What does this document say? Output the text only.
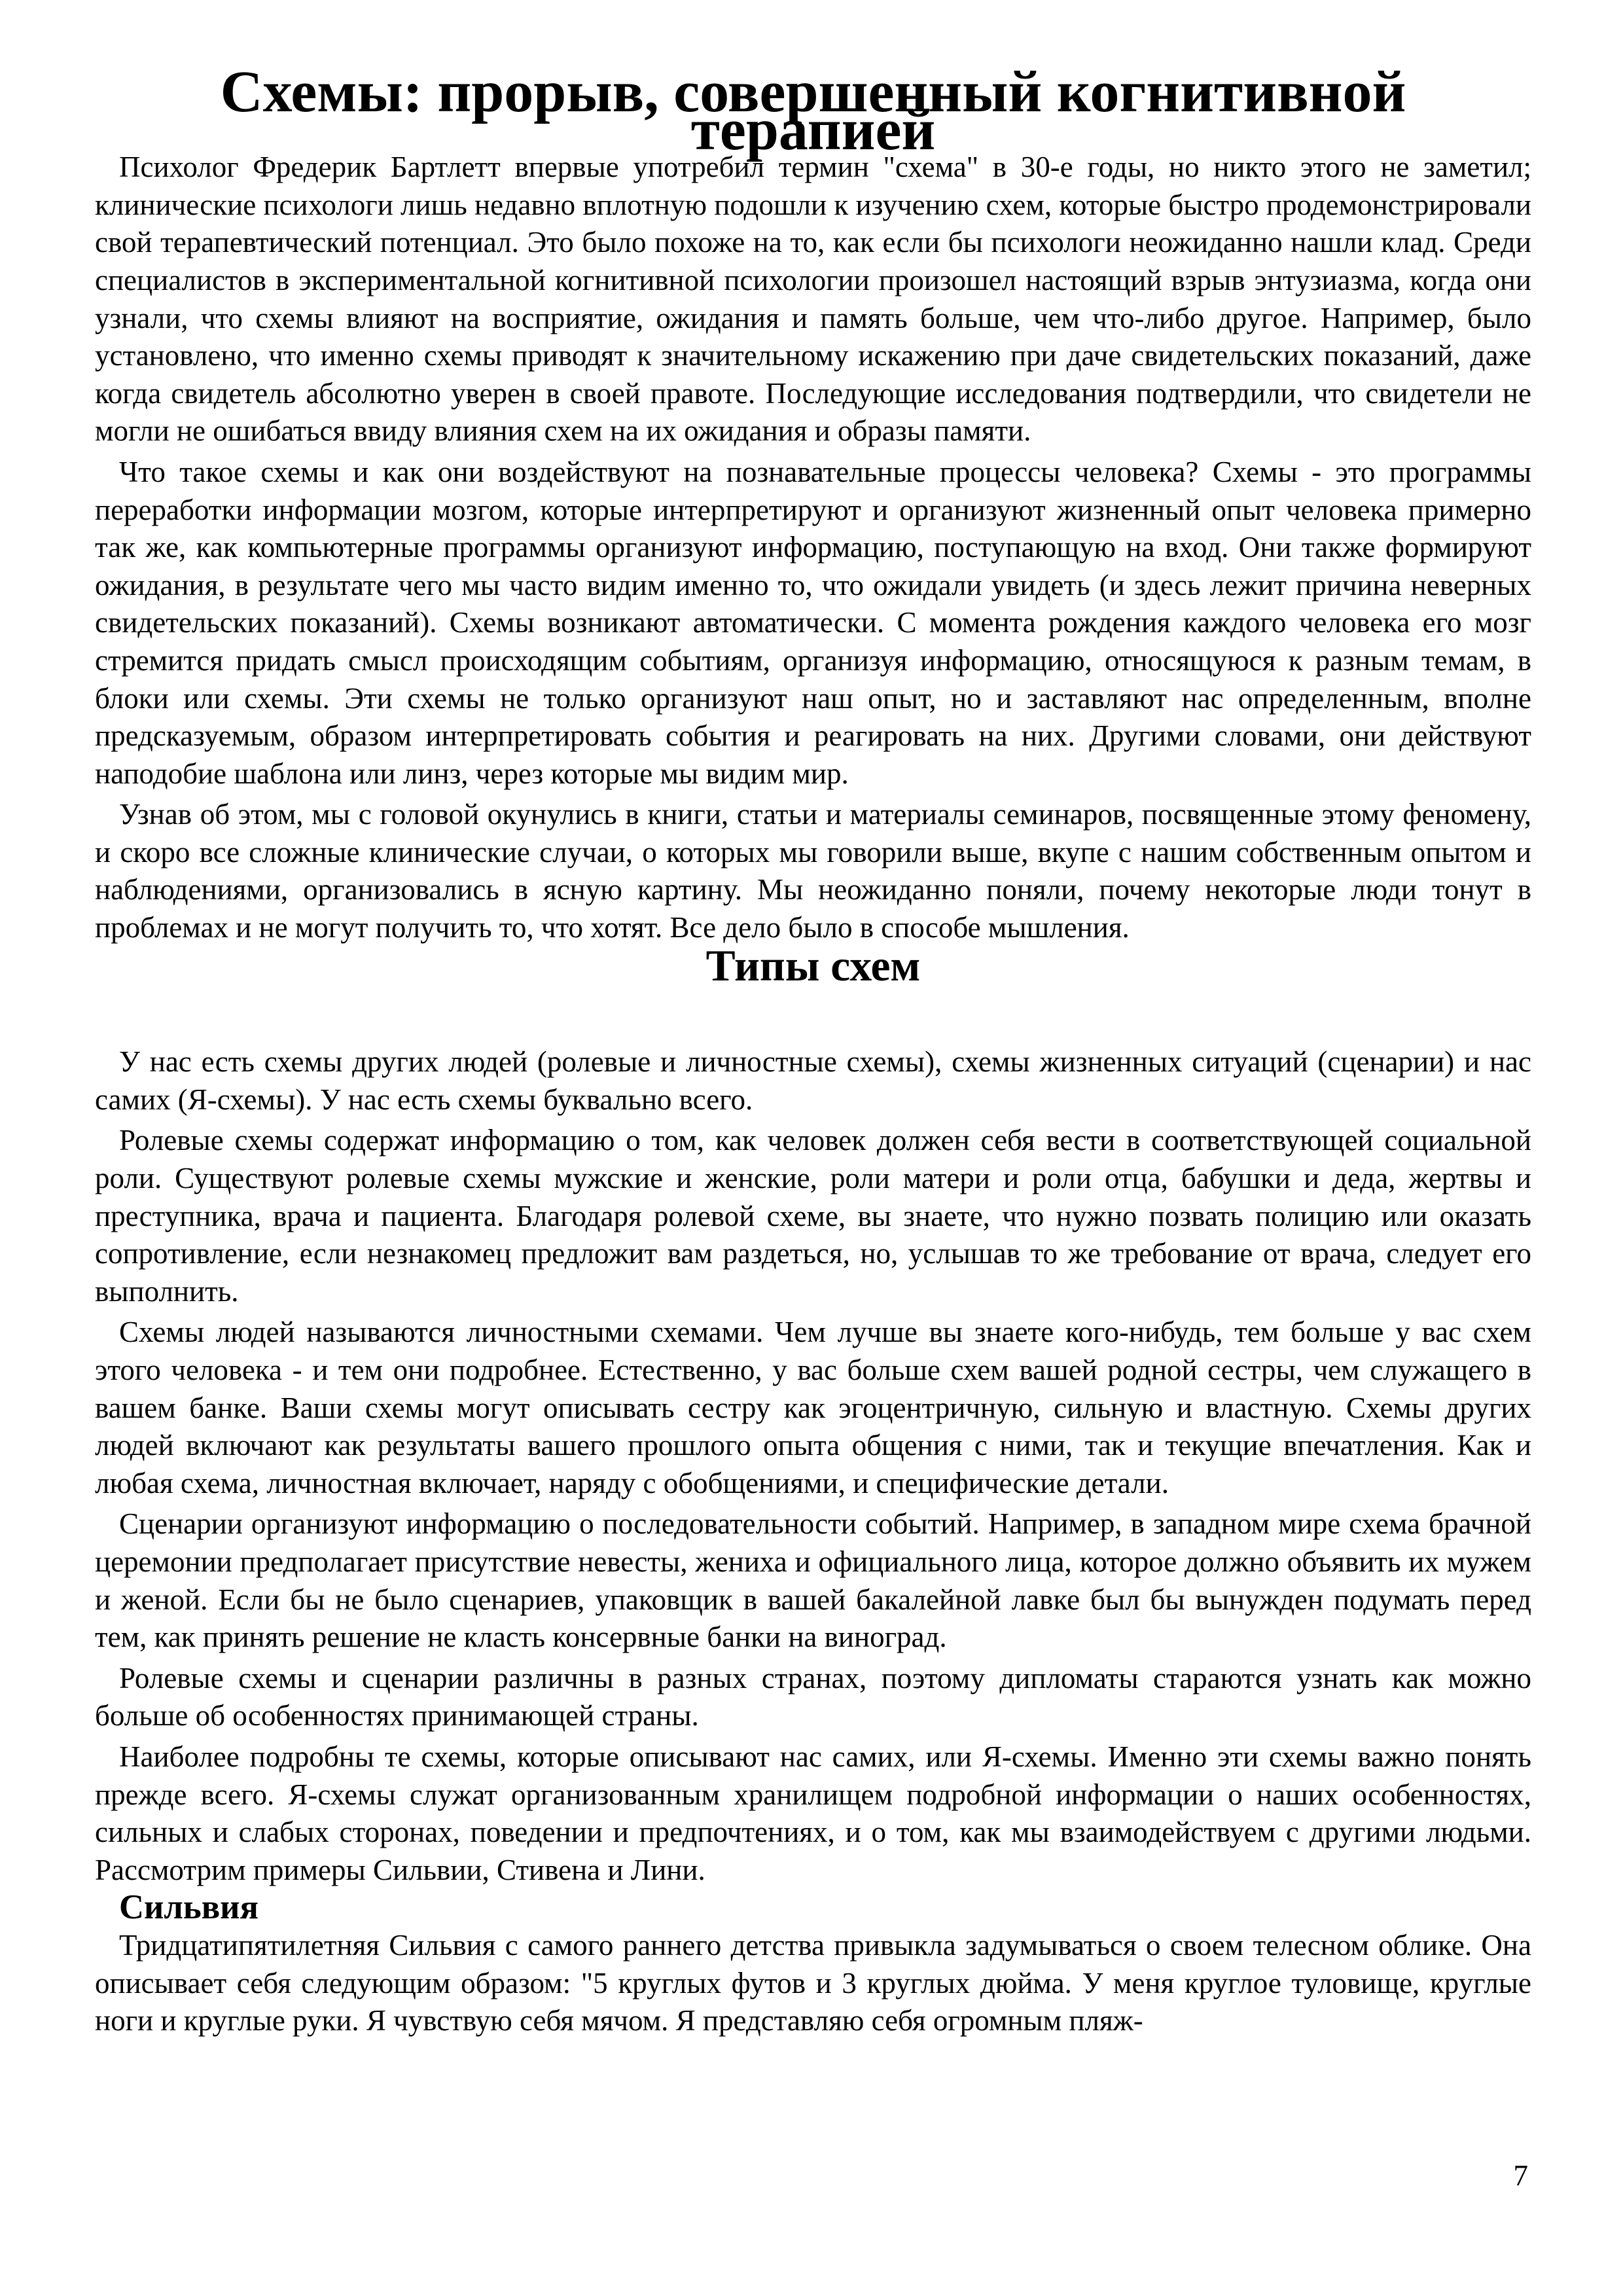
Схемы: прорыв, совершенный когнитивной терапией

Психолог Фредерик Бартлетт впервые употребил термин "схема" в 30-е годы, но никто этого не заметил; клинические психологи лишь недавно вплотную подошли к изучению схем, которые быстро продемонстрировали свой терапевтический потенциал. Это было похоже на то, как если бы психологи неожиданно нашли клад. Среди специалистов в экспериментальной когнитивной психологии произошел настоящий взрыв энтузиазма, когда они узнали, что схемы влияют на восприятие, ожидания и память больше, чем что-либо другое. Например, было установлено, что именно схемы приводят к значительному искажению при даче свидетельских показаний, даже когда свидетель абсолютно уверен в своей правоте. Последующие исследования подтвердили, что свидетели не могли не ошибаться ввиду влияния схем на их ожидания и образы памяти.

Что такое схемы и как они воздействуют на познавательные процессы человека? Схемы - это программы переработки информации мозгом, которые интерпретируют и организуют жизненный опыт человека примерно так же, как компьютерные программы организуют информацию, поступающую на вход. Они также формируют ожидания, в результате чего мы часто видим именно то, что ожидали увидеть (и здесь лежит причина неверных свидетельских показаний). Схемы возникают автоматически. С момента рождения каждого человека его мозг стремится придать смысл происходящим событиям, организуя информацию, относящуюся к разным темам, в блоки или схемы. Эти схемы не только организуют наш опыт, но и заставляют нас определенным, вполне предсказуемым, образом интерпретировать события и реагировать на них. Другими словами, они действуют наподобие шаблона или линз, через которые мы видим мир.

Узнав об этом, мы с головой окунулись в книги, статьи и материалы семинаров, посвященные этому феномену, и скоро все сложные клинические случаи, о которых мы говорили выше, вкупе с нашим собственным опытом и наблюдениями, организовались в ясную картину. Мы неожиданно поняли, почему некоторые люди тонут в проблемах и не могут получить то, что хотят. Все дело было в способе мышления.

Типы схем

У нас есть схемы других людей (ролевые и личностные схемы), схемы жизненных ситуаций (сценарии) и нас самих (Я-схемы). У нас есть схемы буквально всего.

Ролевые схемы содержат информацию о том, как человек должен себя вести в соответствующей социальной роли. Существуют ролевые схемы мужские и женские, роли матери и роли отца, бабушки и деда, жертвы и преступника, врача и пациента. Благодаря ролевой схеме, вы знаете, что нужно позвать полицию или оказать сопротивление, если незнакомец предложит вам раздеться, но, услышав то же требование от врача, следует его выполнить.

Схемы людей называются личностными схемами. Чем лучше вы знаете кого-нибудь, тем больше у вас схем этого человека - и тем они подробнее. Естественно, у вас больше схем вашей родной сестры, чем служащего в вашем банке. Ваши схемы могут описывать сестру как эгоцентричную, сильную и властную. Схемы других людей включают как результаты вашего прошлого опыта общения с ними, так и текущие впечатления. Как и любая схема, личностная включает, наряду с обобщениями, и специфические детали.

Сценарии организуют информацию о последовательности событий. Например, в западном мире схема брачной церемонии предполагает присутствие невесты, жениха и официального лица, которое должно объявить их мужем и женой. Если бы не было сценариев, упаковщик в вашей бакалейной лавке был бы вынужден подумать перед тем, как принять решение не класть консервные банки на виноград.

Ролевые схемы и сценарии различны в разных странах, поэтому дипломаты стараются узнать как можно больше об особенностях принимающей страны.

Наиболее подробны те схемы, которые описывают нас самих, или Я-схемы. Именно эти схемы важно понять прежде всего. Я-схемы служат организованным хранилищем подробной информации о наших особенностях, сильных и слабых сторонах, поведении и предпочтениях, и о том, как мы взаимодействуем с другими людьми. Рассмотрим примеры Сильвии, Стивена и Лини.

Сильвия

Тридцатипятилетняя Сильвия с самого раннего детства привыкла задумываться о своем телесном облике. Она описывает себя следующим образом: "5 круглых футов и 3 круглых дюйма. У меня круглое туловище, круглые ноги и круглые руки. Я чувствую себя мячом. Я представляю себя огромным пляж-

7
